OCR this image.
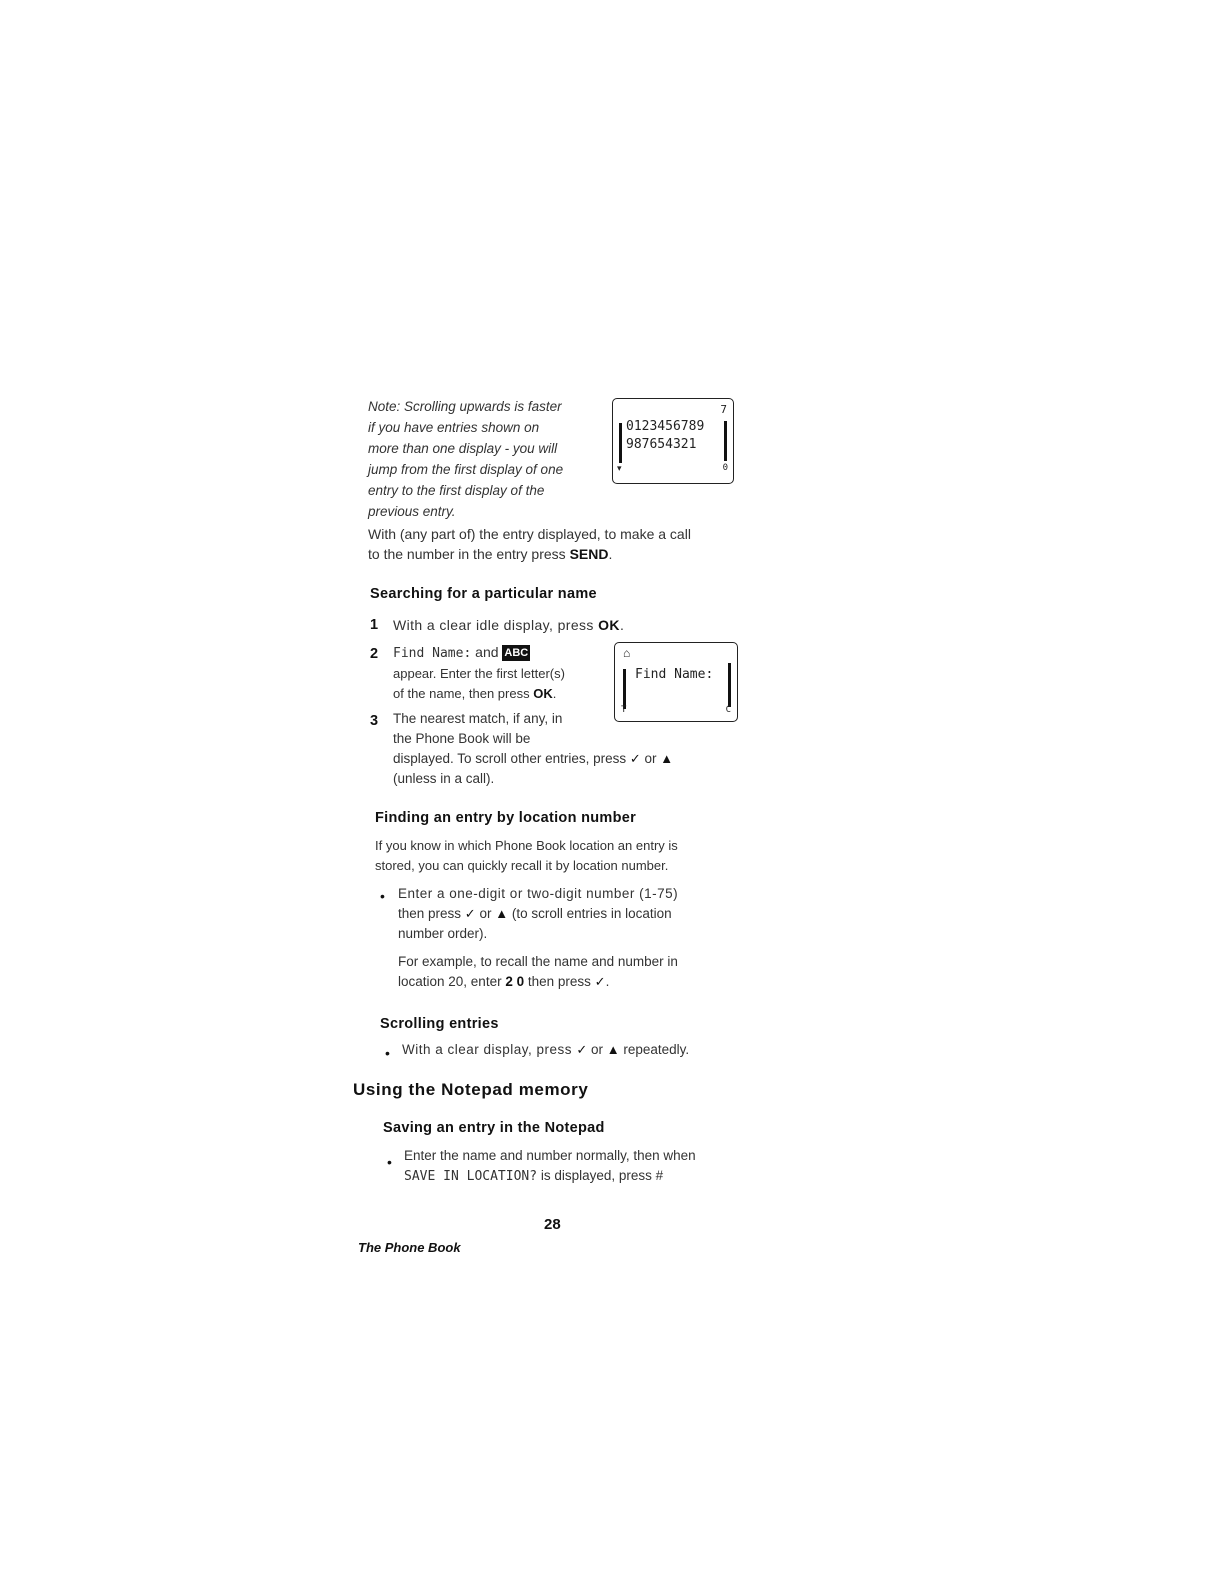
Note: Scrolling upwards is faster
if you have entries shown on
more than one display - you will
jump from the first display of one
entry to the first display of the
previous entry.
7
0123456789
987654321
0
▾
With (any part of) the entry displayed, to make a call
to the number in the entry press SEND.
Searching for a particular name
1 With a clear idle display, press OK.
2 Find Name: and ABC
appear. Enter the first letter(s)
of the name, then press OK.
⌂
Find Name:
T	C
3 The nearest match, if any, in
the Phone Book will be
displayed. To scroll other entries, press ✓︎ or ▲
(unless in a call).
Finding an entry by location number
If you know in which Phone Book location an entry is
stored, you can quickly recall it by location number.
• Enter a one-digit or two-digit number (1-75)
then press ✓︎ or ▲ (to scroll entries in location
number order).
For example, to recall the name and number in
location 20, enter 2 0 then press ✓︎.
Scrolling entries
• With a clear display, press ✓︎ or ▲ repeatedly.
Using the Notepad memory
Saving an entry in the Notepad
• Enter the name and number normally, then when
SAVE IN LOCATION? is displayed, press #
28
The Phone Book
